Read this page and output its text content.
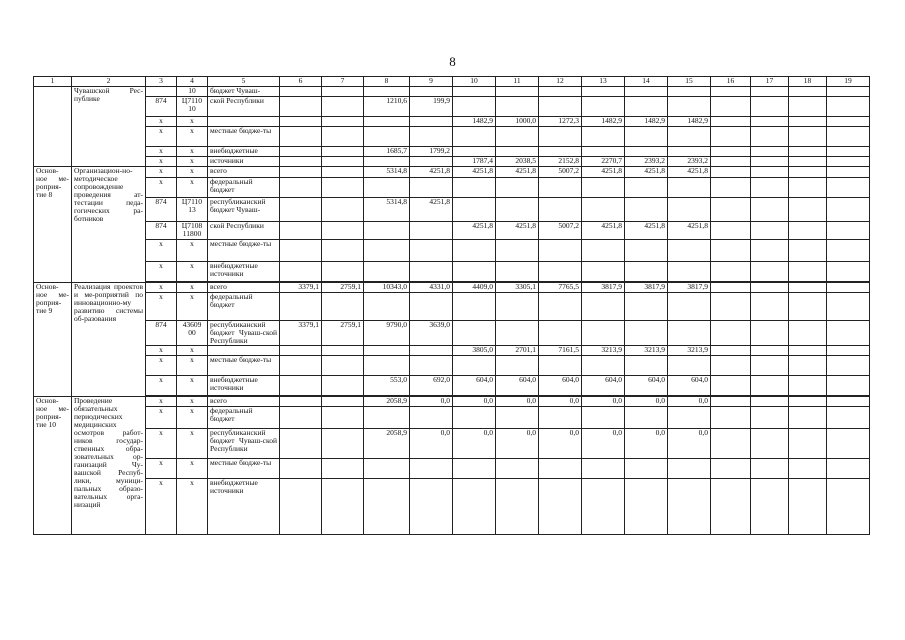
8
1	2	3	4	5	6	7	8	9	10	11	12	13	14	15	16	17	18	19
	Чувашской Рес-публике		10	бюджет Чуваш-														
		874	Ц7110 10	ской Республики			1210,6	199,9										
		x	x						1482,9	1000,0	1272,3	1482,9	1482,9	1482,9				
		x	x	местные бюдже-ты														
		x	x	внебюджетные			1685,7	1799,2										
		x	x	источники					1787,4	2038,5	2152,8	2270,7	2393,2	2393,2				
Основ-ное ме-роприя-тие 8	Организацион-но-методическое сопровождение проведения ат-тестации педа-гогических ра-ботников	x	x	всего			5314,8	4251,8	4251,8	4251,8	5007,2	4251,8	4251,8	4251,8				
		x	x	федеральный бюджет														
		874	Ц7110 13	республиканский бюджет Чуваш-			5314,8	4251,8										
		874	Ц7108 11800	ской Республики					4251,8	4251,8	5007,2	4251,8	4251,8	4251,8				
		x	x	местные бюдже-ты														
		x	x	внебюджетные источники														

Основ-ное ме-роприя-тие 9	Реализация проектов и ме-роприятий по инновационно-му развитию системы об-разования	x	x	всего	3379,1	2759,1	10343,0	4331,0	4409,0	3305,1	7765,5	3817,9	3817,9	3817,9				
		x	x	федеральный бюджет														
		874	43609 00	республиканский бюджет Чуваш-ской Республики	3379,1	2759,1	9790,0	3639,0										
		x	x						3805,0	2701,1	7161,5	3213,9	3213,9	3213,9				
		x	x	местные бюдже-ты														
		x	x	внебюджетные источники			553,0	692,0	604,0	604,0	604,0	604,0	604,0	604,0				

Основ-ное ме-роприя-тие 10	Проведение обязательных периодических медицинских осмотров работ-ников государ-ственных обра-зовательных ор-ганизаций Чу-вашской Респуб-лики, муници-пальных образо-вательных орга-низаций	x	x	всего			2058,9	0,0	0,0	0,0	0,0	0,0	0,0	0,0				
		x	x	федеральный бюджет														
		x	x	республиканский бюджет Чуваш-ской Республики			2058,9	0,0	0,0	0,0	0,0	0,0	0,0	0,0				
		x	x	местные бюдже-ты														
		x	x	внебюджетные источники														
